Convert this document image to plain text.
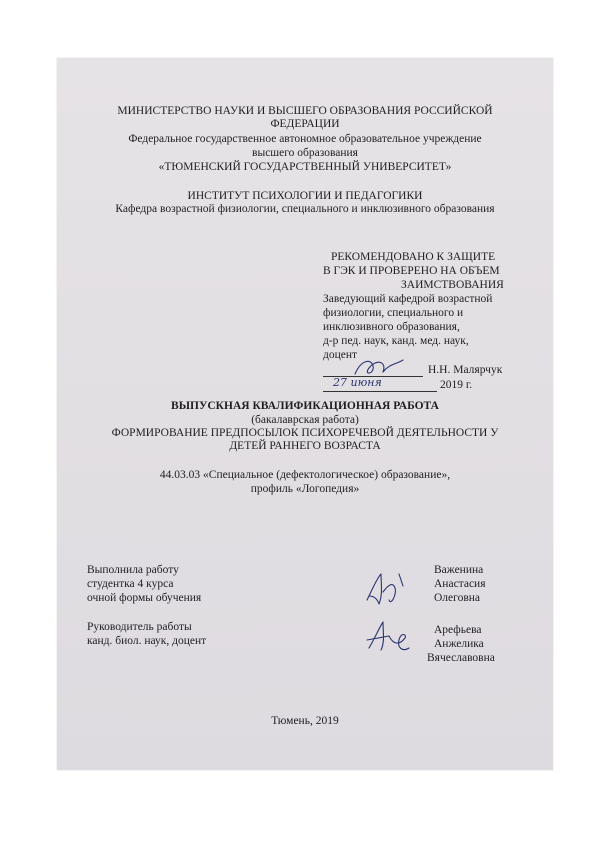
МИНИСТЕРСТВО НАУКИ И ВЫСШЕГО ОБРАЗОВАНИЯ РОССИЙСКОЙ
ФЕДЕРАЦИИ
Федеральное государственное автономное образовательное учреждение
высшего образования
«ТЮМЕНСКИЙ ГОСУДАРСТВЕННЫЙ УНИВЕРСИТЕТ»
ИНСТИТУТ ПСИХОЛОГИИ И ПЕДАГОГИКИ
Кафедра возрастной физиологии, специального и инклюзивного образования
РЕКОМЕНДОВАНО К ЗАЩИТЕ
В ГЭК И ПРОВЕРЕНО НА ОБЪЕМ
ЗАИМСТВОВАНИЯ
Заведующий кафедрой возрастной
физиологии, специального и
инклюзивного образования,
д-р пед. наук, канд. мед. наук,
доцент
Н.Н. Малярчук
27 июня	2019 г.
ВЫПУСКНАЯ КВАЛИФИКАЦИОННАЯ РАБОТА
(бакалаврская работа)
ФОРМИРОВАНИЕ ПРЕДПОСЫЛОК ПСИХОРЕЧЕВОЙ ДЕЯТЕЛЬНОСТИ У
ДЕТЕЙ РАННЕГО ВОЗРАСТА
44.03.03 «Специальное (дефектологическое) образование»,
профиль «Логопедия»
Выполнила работу
студентка 4 курса
очной формы обучения
Важенина
Анастасия
Олеговна
Руководитель работы
канд. биол. наук, доцент
Арефьева
Анжелика
Вячеславовна
Тюмень, 2019
